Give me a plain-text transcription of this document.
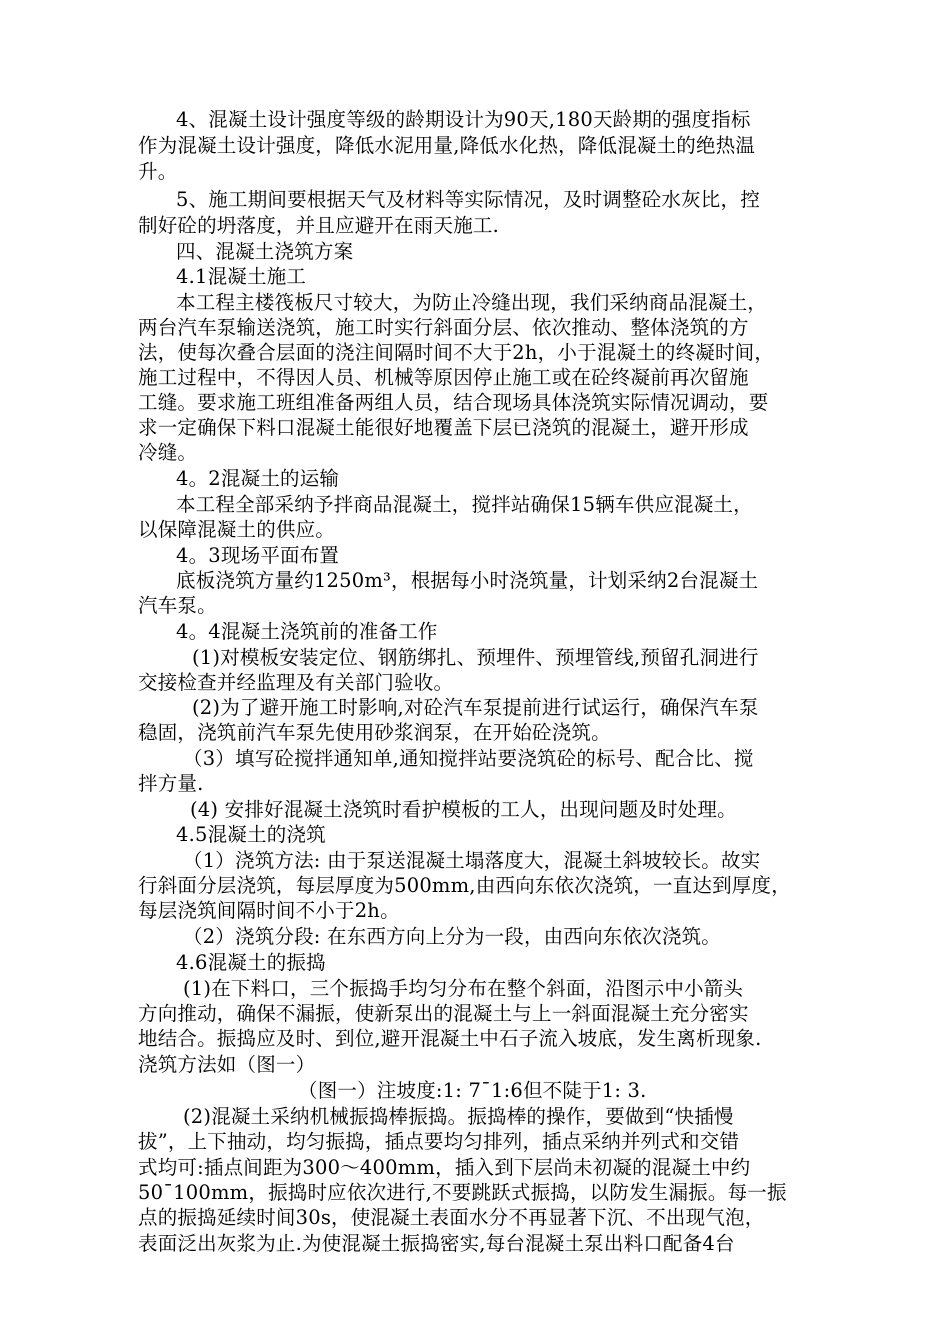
4、混凝土设计强度等级的龄期设计为90天,180天龄期的强度指标
作为混凝土设计强度，降低水泥用量,降低水化热，降低混凝土的绝热温
升。
5、施工期间要根据天气及材料等实际情况，及时调整砼水灰比，控
制好砼的坍落度，并且应避开在雨天施工.
四、混凝土浇筑方案
4.1混凝土施工
本工程主楼筏板尺寸较大，为防止冷缝出现，我们采纳商品混凝土，
两台汽车泵输送浇筑，施工时实行斜面分层、依次推动、整体浇筑的方
法，使每次叠合层面的浇注间隔时间不大于2h，小于混凝土的终凝时间，
施工过程中，不得因人员、机械等原因停止施工或在砼终凝前再次留施
工缝。要求施工班组准备两组人员，结合现场具体浇筑实际情况调动，要
求一定确保下料口混凝土能很好地覆盖下层已浇筑的混凝土，避开形成
冷缝。
4。2混凝土的运输
本工程全部采纳予拌商品混凝土，搅拌站确保15辆车供应混凝土，
以保障混凝土的供应。
4。3现场平面布置
底板浇筑方量约1250m³，根据每小时浇筑量，计划采纳2台混凝土
汽车泵。
4。4混凝土浇筑前的准备工作
(1)对模板安装定位、钢筋绑扎、预埋件、预埋管线,预留孔洞进行
交接检查并经监理及有关部门验收。
(2)为了避开施工时影响,对砼汽车泵提前进行试运行，确保汽车泵
稳固，浇筑前汽车泵先使用砂浆润泵，在开始砼浇筑。
（3）填写砼搅拌通知单,通知搅拌站要浇筑砼的标号、配合比、搅
拌方量.
(4) 安排好混凝土浇筑时看护模板的工人，出现问题及时处理。
4.5混凝土的浇筑
（1）浇筑方法: 由于泵送混凝土塌落度大，混凝土斜坡较长。故实
行斜面分层浇筑，每层厚度为500mm,由西向东依次浇筑，一直达到厚度，
每层浇筑间隔时间不小于2h。
（2）浇筑分段: 在东西方向上分为一段，由西向东依次浇筑。
4.6混凝土的振捣
(1)在下料口，三个振捣手均匀分布在整个斜面，沿图示中小箭头
方向推动，确保不漏振，使新泵出的混凝土与上一斜面混凝土充分密实
地结合。振捣应及时、到位,避开混凝土中石子流入坡底，发生离析现象.
浇筑方法如（图一）
（图一）注坡度:1: 7ˉ1:6但不陡于1: 3.
(2)混凝土采纳机械振捣棒振捣。振捣棒的操作，要做到“快插慢
拔”，上下抽动，均匀振捣，插点要均匀排列，插点采纳并列式和交错
式均可:插点间距为300～400mm，插入到下层尚未初凝的混凝土中约
50ˉ100mm，振捣时应依次进行,不要跳跃式振捣，以防发生漏振。每一振
点的振捣延续时间30s，使混凝土表面水分不再显著下沉、不出现气泡，
表面泛出灰浆为止.为使混凝土振捣密实,每台混凝土泵出料口配备4台
